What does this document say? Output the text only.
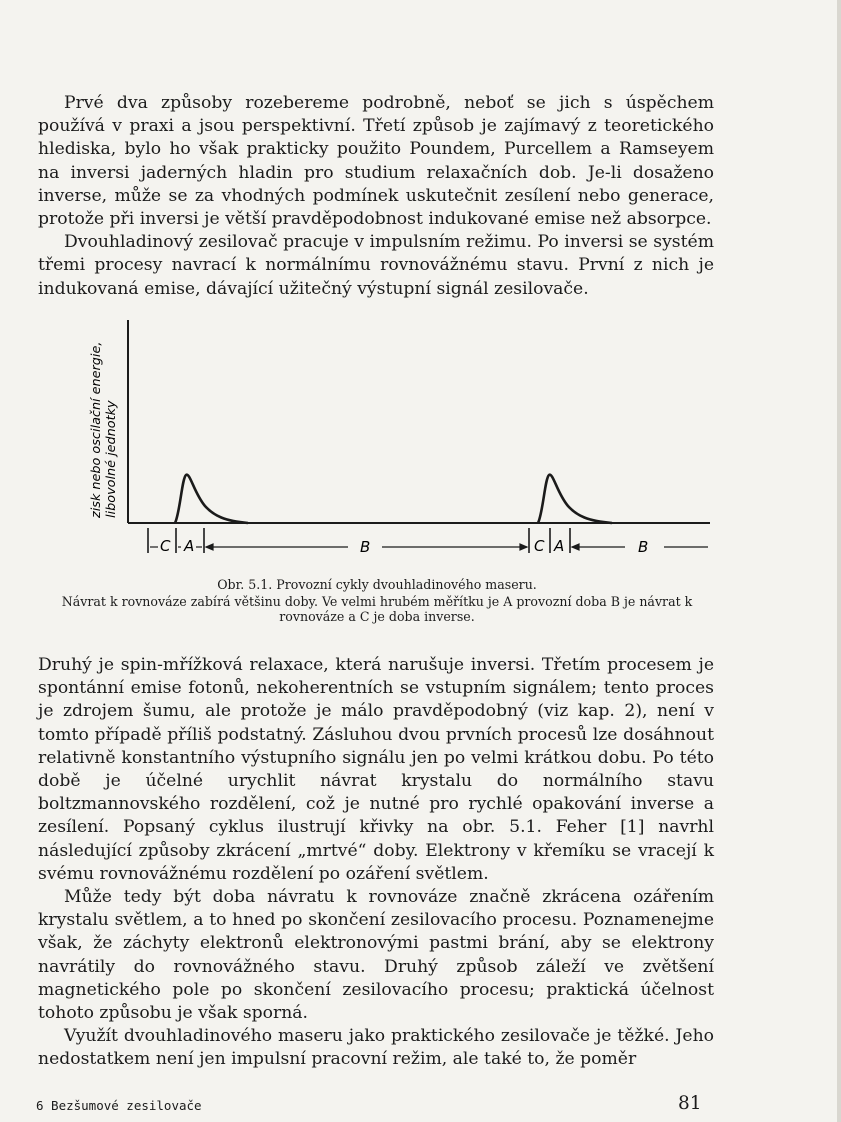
Prvé dva způsoby rozebereme podrobně, neboť se jich s úspěchem používá v praxi a jsou perspektivní. Třetí způsob je zajímavý z teoretického hlediska, bylo ho však prakticky použito Poundem, Purcellem a Ramseyem na inversi jaderných hladin pro studium relaxačních dob. Je-li dosaženo inverse, může se za vhodných podmínek uskutečnit zesílení nebo generace, protože při inversi je větší pravděpodobnost indukované emise než absorpce.

Dvouhladinový zesilovač pracuje v impulsním režimu. Po inversi se systém třemi procesy navrací k normálnímu rovnovážnému stavu. První z nich je indukovaná emise, dávající užitečný výstupní signál zesilovače.

zisk nebo oscilační energie, libovolné jednotky
C A	B	C A	B
Obr. 5.1. Provozní cykly dvouhladinového maseru.
Návrat k rovnováze zabírá většinu doby. Ve velmi hrubém měřítku je A provozní doba B je návrat k rovnováze a C je doba inverse.

Druhý je spin-mřížková relaxace, která narušuje inversi. Třetím procesem je spontánní emise fotonů, nekoherentních se vstupním signálem; tento proces je zdrojem šumu, ale protože je málo pravděpodobný (viz kap. 2), není v tomto případě příliš podstatný. Zásluhou dvou prvních procesů lze dosáhnout relativně konstantního výstupního signálu jen po velmi krátkou dobu. Po této době je účelné urychlit návrat krystalu do normálního stavu boltzmannovského rozdělení, což je nutné pro rychlé opakování inverse a zesílení. Popsaný cyklus ilustrují křivky na obr. 5.1. Feher [1] navrhl následující způsoby zkrácení „mrtvé“ doby. Elektrony v křemíku se vracejí k svému rovnovážnému rozdělení po ozáření světlem.

Může tedy být doba návratu k rovnováze značně zkrácena ozářením krystalu světlem, a to hned po skončení zesilovacího procesu. Poznamenejme však, že záchyty elektronů elektronovými pastmi brání, aby se elektrony navrátily do rovnovážného stavu. Druhý způsob záleží ve zvětšení magnetického pole po skončení zesilovacího procesu; praktická účelnost tohoto způsobu je však sporná.

Využít dvouhladinového maseru jako praktického zesilovače je těžké. Jeho nedostatkem není jen impulsní pracovní režim, ale také to, že poměr

6 Bezšumové zesilovače	81
